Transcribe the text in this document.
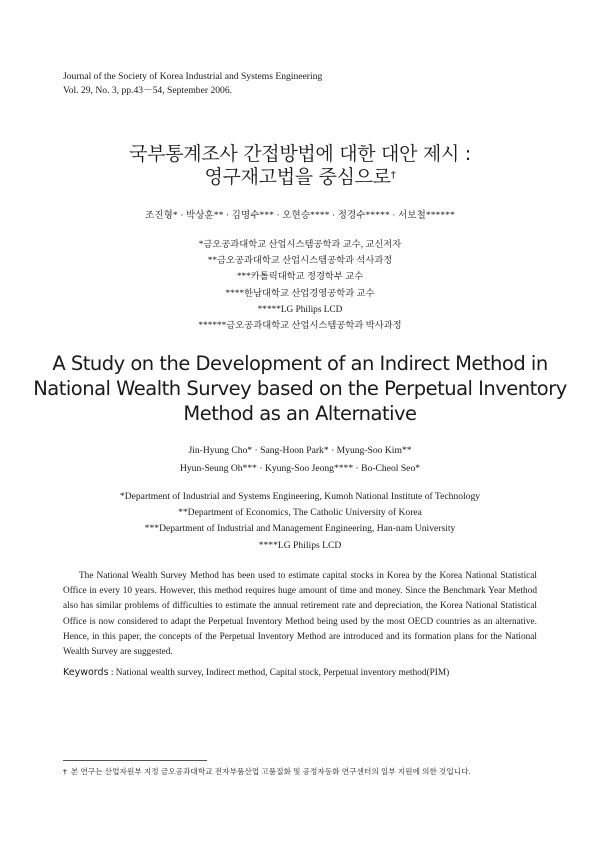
Journal of the Society of Korea Industrial and Systems Engineering
Vol. 29, No. 3, pp.43－54, September 2006.
국부통계조사 간접방법에 대한 대안 제시 :
영구재고법을 중심으로†
조진형* · 박상훈** · 김명수*** · 오현승**** · 정경수***** · 서보철******
*금오공과대학교 산업시스템공학과 교수, 교신저자
**금오공과대학교 산업시스템공학과 석사과정
***카톨릭대학교 정경학부 교수
****한남대학교 산업경영공학과 교수
*****LG Philips LCD
******금오공과대학교 산업시스템공학과 박사과정
A Study on the Development of an Indirect Method in
National Wealth Survey based on the Perpetual Inventory
Method as an Alternative
Jin-Hyung Cho* · Sang-Hoon Park* · Myung-Soo Kim**
Hyun-Seung Oh*** · Kyung-Soo Jeong**** · Bo-Cheol Seo*
*Department of Industrial and Systems Engineering, Kumoh National Institute of Technology
**Department of Economics, The Catholic University of Korea
***Department of Industrial and Management Engineering, Han-nam University
****LG Philips LCD
The National Wealth Survey Method has been used to estimate capital stocks in Korea by the Korea National Statistical Office in every 10 years. However, this method requires huge amount of time and money. Since the Benchmark Year Method also has similar problems of difficulties to estimate the annual retirement rate and depreciation, the Korea National Statistical Office is now considered to adapt the Perpetual Inventory Method being used by the most OECD countries as an alternative. Hence, in this paper, the concepts of the Perpetual Inventory Method are introduced and its formation plans for the National Wealth Survey are suggested.
Keywords : National wealth survey, Indirect method, Capital stock, Perpetual inventory method(PIM)
† 본 연구는 산업자원부 지정 금오공과대학교 전자부품산업 고품질화 및 공정자동화 연구센터의 일부 지원에 의한 것입니다.
